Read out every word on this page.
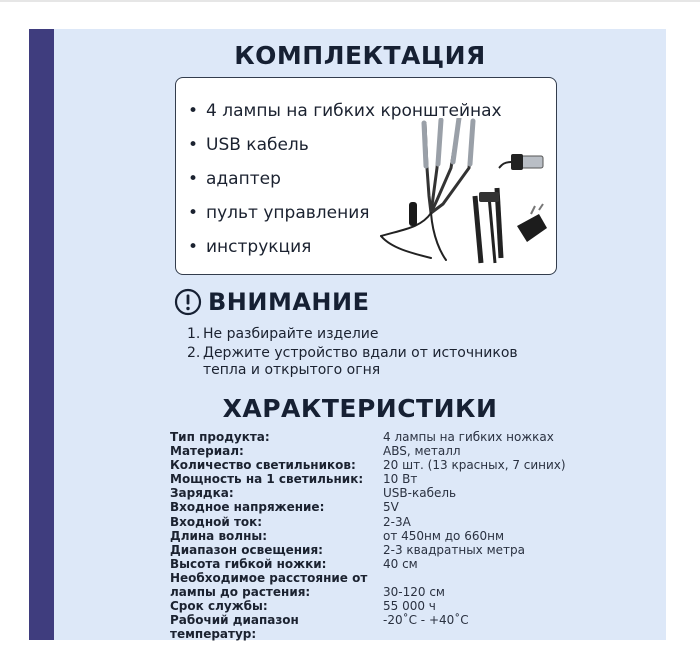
КОМПЛЕКТАЦИЯ
• 4 лампы на гибких кронштейнах
• USB кабель
• адаптер
• пульт управления
• инструкция
ВНИМАНИЕ
1. Не разбирайте изделие
2. Держите устройство вдали от источников тепла и открытого огня
ХАРАКТЕРИСТИКИ
Тип продукта:	4 лампы на гибких ножках
Материал:	ABS, металл
Количество светильников:	20 шт. (13 красных, 7 синих)
Мощность на 1 светильник:	10 Вт
Зарядка:	USB-кабель
Входное напряжение:	5V
Входной ток:	2-3A
Длина волны:	от 450нм до 660нм
Диапазон освещения:	2-3 квадратных метра
Высота гибкой ножки:	40 см
Необходимое расстояние от лампы до растения:	30-120 см
Срок службы:	55 000 ч
Рабочий диапазон температур:
-20˚C - +40˚C
